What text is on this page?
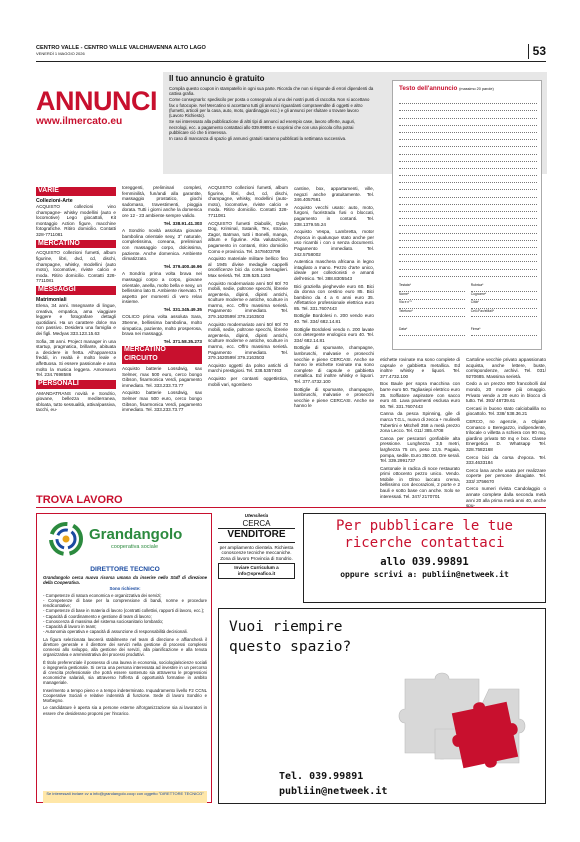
CENTRO VALLE - CENTRO VALLE VALCHIAVENNA ALTO LAGO
VENERDÌ 1 MAGGIO 2026	53
ANNUNCI
www.ilmercato.eu
Il tuo annuncio è gratuito

Compila questo coupon in stampatello in ogni sua parte. Ricorda che non si risponde di errori dipendenti da cattiva grafia.

Come consegnarlo: spediscilo per posta o consegnalo al uno dei nostri punti di raccolta. Non si accettano fax o fotocopie. Nel Mercatino si accettano tutti gli annunci riguardanti compravendite di oggetti e altro (furnetti, articoli per la casa, auto, moto, giardinaggio ecc.) e gli annunci per sfuitare o trovare lavoro (Lavoro Richiesto).

Se sei interessato alla pubblicazione di altri tipi di annunci ad esempio case, lavoro offerte, auguri, necrologi, ecc. a pagamento contattaci allo 039.99891 e scoprirai che con una piccola cifra potrai pubblicare ciò che ti interessa.

In caso di mancanza di spazio gli annunci gratuiti saranno pubblicati la settimana successiva.

Testo dell'annuncio (massimo 20 parole)
Testata*	Rubrica*
Nome*	Cognome*
Via e n°*	Città*
Telefono*	Cell./Fax/eMail*
Data*	Firma*
VARIE
Collezioni-Arte

ACQUISTO collezioni vino champagne- whisky modellini (auto e locomotive) Lego giocattoli, Kit montaggio Action figure, macchine fotografiche. Ritiro domicilio. Contatti 328-7711081

MERCATINO

ACQUISTO collezioni fumetti, album figurine, libri, dvd, cd, dischi, champagne, whisky, modellini (auto moto), locomotive, riviste calcio e moda. Ritiro domicilio. Contatti 328-7711081

MESSAGGI
Matrimoniali

Elena, 34 anni. Insegnante di lingue, creativa, empatica, ama viaggiare leggere e fotografare dettagli quotidiani. Ha un carattere dolce ma non passivo. Desidera una famiglia e dei figli. Medyas 333.123.15.63

Sofia, 38 anni. Project manager in una startup, pragmatica, brillante, abituata a decidere in fretta. All'apparenza freddi, in realtà è molto leale e affettuosa. Si essere passionale e ama molto la musica leggera. Amoreavro Tel. 234.7698586

PERSONALI

AMANDATRANS novità e Sondrio, giovane, bellezza mediterranea, sbloata, tutto sessualità, attiva/passiva, tacchi, eu-

toreggenti, preliminari completi, femminilità, fun/andi alla garantite, massaggio prostatico, giochi sadomaso, travestimenti, pioggia dorata. Tutti i giorni anche la domenica ore 12 - 23 ambiente sempre valido.

Tel. 338.91.41.303

A Sondrio novità assoluta giovane bambolina orientale sexy, 3° naturale, completissima, coreana, preliminari con massaggio corpo, dolcissima, paziente. Anche domenica. Ambiente climatizzato.

Tel. 379.400.46.96

A Sondrio prima volta brava nei massaggi corpo a corpo, giovane orientale, anella, molto bella e sexy, un bellissimo lato B. Ambiente riservato. Ti aspetto per momenti di vero relax insieme.

Tel. 331.345.49.35

COLICO prima volta assoluta Sara, 35enne, bellissima bambolina, molto simpatica, paziente, molto prosperosa, brava nei massaggi.

Tel. 371.58.35.273

MERCATINO CIRCUITO

Acquisto batterie Lossdwig, sax Selmer, max 500 euro, cerco bongo Gibson, fisarmonica Verdi, pagamento immediato. Tel. 333.233.73.77

Acquisto batterie Lossdwig, sax Selmer max 500 euro, cerco bongo Gibson, fisarmonica Verdi, pagamento immediato. Tel. 333.233.73.77

ACQUISTO collezioni fumetti, album figurine, libri, dvd, cd, dischi, champagne, whisky, modellini (auto- moto), locomotive, riviste calcio e moda. Ritiro domicilio. Contatti 328-7711081

ACQUISTO fumetti Diabolik, Dylan Dog, Kriminal, Satanik, Tex, stracie, Zagor, Batman, tutti i Bonelli, manga, album e figurine. Alta valutazione, pagamento in contanti, ritiro domicilio Como e provincia. Tel. 3478403799

Acquisto materiale militare bellico fino al 1945 divise medaglie cappelli onorificenze bici da corsa bersaglieri. Max serietà. Tel. 339.525.1163

Acquisto modernariato anni 50/ 60/ 70 mobili, sedie, poltrone specchi, librerie argenteria, dipinti, dipinti antichi, sculture moderne e antiche, sculture in marmo, ecc. Offro massima serietà. Pagamento immediato. Tel. 379.1620599/ 379.2163503

Acquisto modernariato anni 50/ 60/ 70 mobili, sedie, poltrone specchi, librerie argenteria, dipinti, dipinti antichi, sculture moderne e antiche, sculture in marmo, ecc. Offro massima serietà. Pagamento immediato. Tel. 379.1620599/ 379.2163503

Acquisto oggetti da polso antichi di marchi prestigiosi. Tel. 338.5357463

Acquisto per contanti oggettistica, mobili vari, sgombero

cantine, box, appartamenti, ville, negozi anche gratuitamente. Tel. 346.4057561

Acquisto vecchi usato: auto, moto, furgoni, fuoristrada fusi o bloccati, pagamento in contanti. Tel. 338.1379.55.24

Acquisto Vespa, Lambretta, motor d'epoca in qualunque stato anche per uso ricambi i con o senza documenti. Pagamento immediato. Tel. 342.5758002

Autentica maschera africana in legno intagliato a mano. Pezzo d'arte unico, ideale per collezionisti e amanti dell'etnico. Tel. 388.8305543

Bici graziella pieghevole euro 60. Bici da donna con cestino euro 85. Bici bambino da 4 a 6 anni euro 35. Affettatrice professionale elettrica euro 85. Tel. 331.7607443

Bottiglie Bordolesi n. 200 vendo euro 40. Tel. 334/ 682.14.81

Bottiglie Bordolesi vendo n. 200 lavate con detergente enologico euro 40. Tel. 334/ 682.14.81

Bottiglie di spumante, champagne, lambruschi, malvasie e prosecchi vecchie e piene CERCASI. Anche se hanno le etichette rovinate ma sono complete di capsule e gabbietta metallica. Ed inoltre whisky e liquori. Tel. 377.4732.100

Bottiglie di spumante, champagne, lambruschi, malvasie e prosecchi vecchie e piene CERCASI. Anche se hanno le

etichette rovinate ma sono complete di capsule e gabbietta metallica. Ed inoltre whisky e liquori. Tel. 377.4732.100

Box Baule per sopra macchina con barre euro 50. Tagliasiepi elettrico euro 35. Soffiatore aspiratore con sacco euro 40. Lava pavimenti esclusa euro 50. Tel. 331.7607443

Canna da pesca Spinning, gile di marca T.G.L, nuovo di zecca + mulinelli Tubertini e Mitchell 358 a metà prezzo zona Lecco. Tel. 011/ 385.4708

Canoa per pescatori gonfiabile alta pressione. Lunghezza 3,5 metri, larghezza 75 cm, peso 13,5. Pagaia, pompa, sedile. Euro 350.00. Ore serali. Tel. 339.2991737

Cantonale in radica di noce restaurato primi ottocento pezzo unico. Vendo. Mobile in Olmo laccato crema, bellissimo con decorazioni, 2 porte e 2 bauli e sotto base con anche. Solo se interessati. Tel. 347/ 2170701

Cartoline vecchie privato appassionato acquista, anche lettere, buste, corrispondenze, archivi. Tel. 031/ 9270685. Massima serietà.

Cedo a un prezzo 800 francobolli dal mondo, 20 monete più omaggio. Privato vende a 20 euro in blocco di tutto. Tel. 393/ 48739.61

Cercasi in buono stato calciobalilla no giocattolo. Tel. 338/ 538.36.21

CERCO, no agenzie, a Olgiate Comasco o Beregazzo, indipendente, trilocale o villetta a schiera con 90 mq, giardino privato 50 mq e box. Classe Energetica D. Whatsapp Tel. 328.7582168

Cerco bici da corsa d'epoca. Tel. 333.4633184

Cerco lana anche usata per realizzare coperte per persone disagiate. Tel. 333/ 3756670

Cerco numeri rivista Candolaggio o annate complete dalla seconda metà anni 20 alla prima metà anni 40, anche spu-

TROVA LAVORO
Grandangolo
cooperativa sociale
DIRETTORE TECNICO

Grandangolo cerca nuova risorsa umana da inserire nello Staff di direzione della Cooperativa.

Sono richieste:

- Competenze di natura economica e organizzativa dei servizi;
- Competenze di base per la comprensione di bandi, norme e procedure rendicontative;
- Competenze di base in materia di lavoro (contratti collettivi, rapporti di lavoro, ecc.);
- Capacità di coordinamento e gestione di team di lavoro;
- Conoscenza di massima del sistema sociosanitario lombardo;
- Capacità di lavoro in team;
- Autonomia operativa e capacità di assunzione di responsabilità decisionali.

La figura selezionata lavorerà stabilmente nel team di direzione e affiancherà il direttore generale e il direttore dei servizi nella gestione di processi complessi connessi allo sviluppo, alla gestione dei servizi, alla pianificazione e alla tenuta organizzativa e amministrativa dei processi produttivi.

È titolo preferenziale il possesso di una laurea in economia, sociologia/scienze sociali o ingegneria gestionale. Si cerca una persona interessata ad investire in un percorso di crescita professionale che potrà essere sostenuto sia attraverso le progressioni economiche salariali, sia attraverso l'offerta di opportunità formative in ambito manageriale.

Inserimento a tempo pieno e a tempo indeterminato. Inquadramento livello F2 CCNL Cooperative Sociali e relative indennità di funzione. Sede di lavoro Sondrio e Morbegno.

Le candidature è aperta sia a persone esterne all'organizzazione sia ai lavoratori in essere che desiderano proporsi per l'incarico.

Se interessati inviare cv a info@grandangolo.coop con oggetto "DIRETTORE TECNICO"
Utensileria
CERCA
VENDITORE
per ampliamento clientela. Richiesta conoscenze tecniche meccaniche. Zona di lavoro Provincia di Sondrio.
Inviare Curriculum a info@spreafico.it
Per pubblicare le tue
ricerche contattaci
allo 039.99891
oppure scrivi a: publiin@netweek.it
Vuoi riempire
questo spazio?
Tel. 039.99891
publiin@netweek.it
